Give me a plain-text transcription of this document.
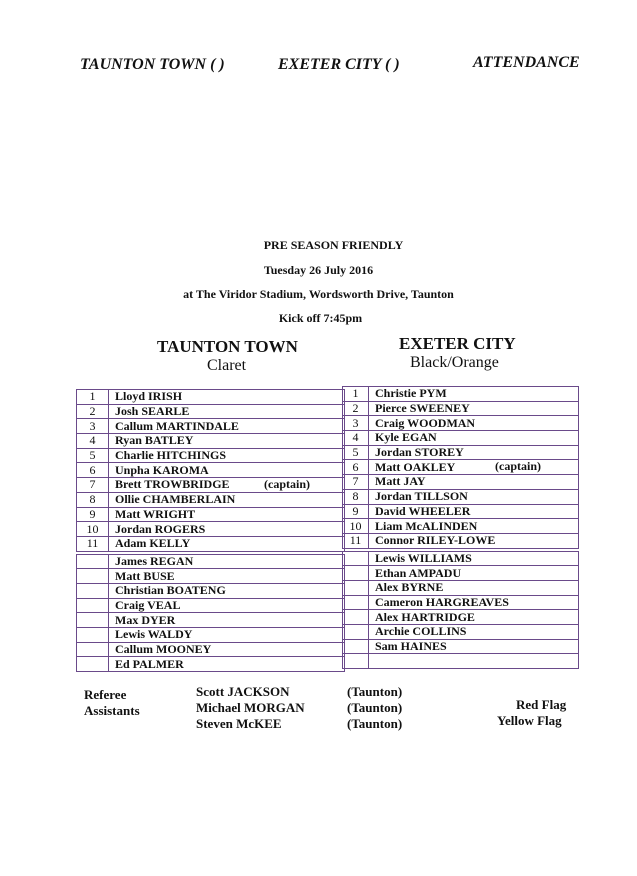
TAUNTON TOWN ( )	EXETER CITY ( )	ATTENDANCE
PRE SEASON FRIENDLY
Tuesday 26 July 2016
at The Viridor Stadium, Wordsworth Drive, Taunton
Kick off 7:45pm
TAUNTON TOWN
Claret
EXETER CITY
Black/Orange
1	Lloyd IRISH
2	Josh SEARLE
3	Callum MARTINDALE
4	Ryan BATLEY
5	Charlie HITCHINGS
6	Unpha KAROMA
7	Brett TROWBRIDGE (captain)

8	Ollie CHAMBERLAIN
9	Matt WRIGHT
10	Jordan ROGERS
11	Adam KELLY

	James REGAN
	Matt BUSE
	Christian BOATENG
	Craig VEAL
	Max DYER
	Lewis WALDY
	Callum MOONEY
	Ed PALMER
1	Christie PYM
2	Pierce SWEENEY
3	Craig WOODMAN
4	Kyle EGAN
5	Jordan STOREY
6	Matt OAKLEY (captain)

7	Matt JAY
8	Jordan TILLSON
9	David WHEELER
10	Liam McALINDEN
11	Connor RILEY-LOWE

	Lewis WILLIAMS
	Ethan AMPADU
	Alex BYRNE
	Cameron HARGREAVES
	Alex HARTRIDGE
	Archie COLLINS
	Sam HAINES

Referee
Assistants
Scott JACKSON	(Taunton)
Michael MORGAN	(Taunton)
Steven McKEE	(Taunton)
Red Flag
Yellow Flag
